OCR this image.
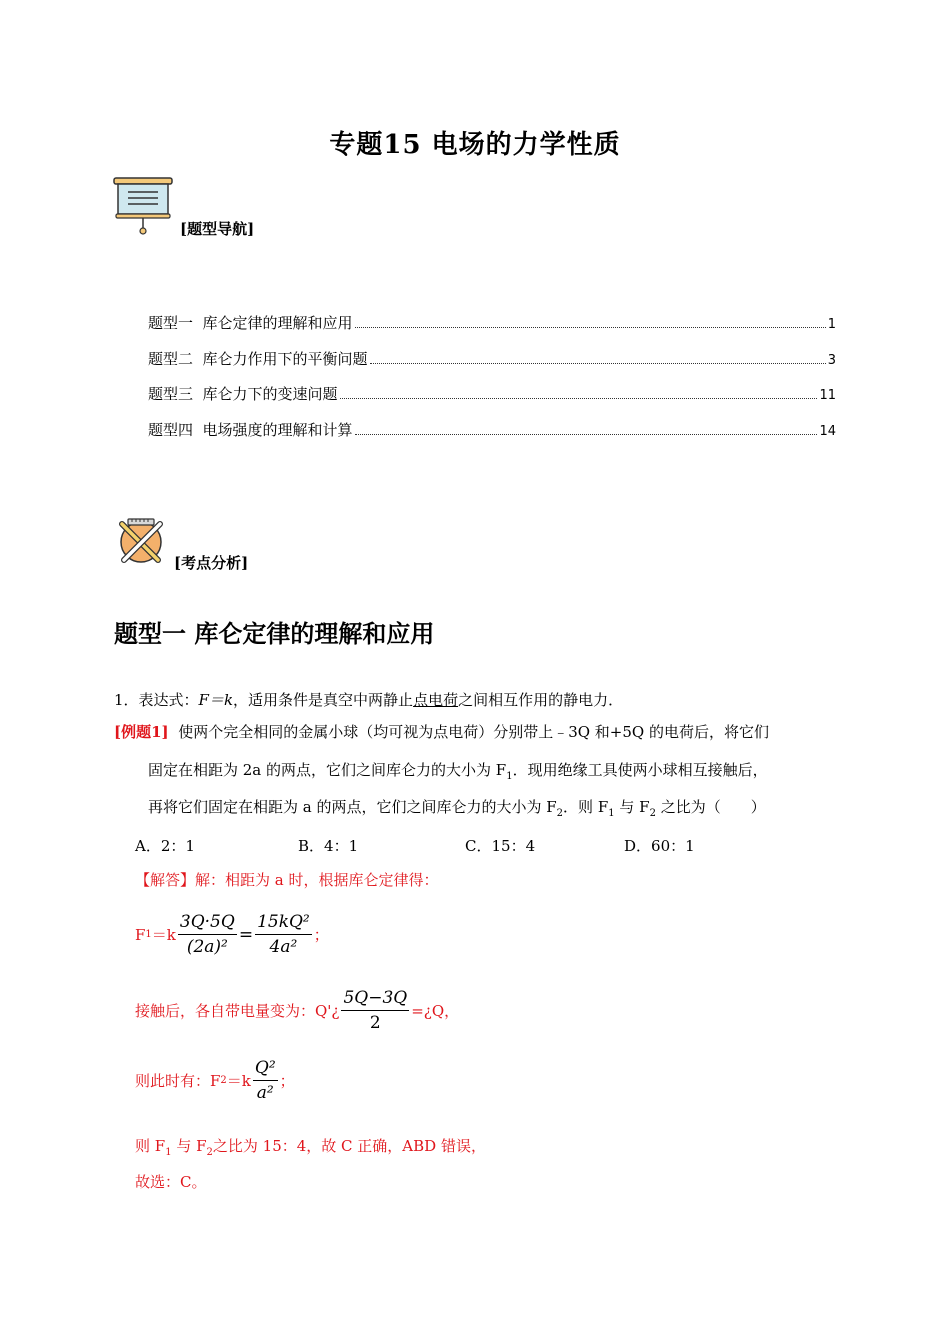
专题15 电场的力学性质
[题型导航]
题型一  库仑定律的理解和应用	1
题型二  库仑力作用下的平衡问题	3
题型三  库仑力下的变速问题	11
题型四  电场强度的理解和计算	14
[考点分析]
题型一 库仑定律的理解和应用
1．表达式：F＝k，适用条件是真空中两静止点电荷之间相互作用的静电力．
[例题1] 使两个完全相同的金属小球（均可视为点电荷）分别带上﹣3Q 和+5Q 的电荷后，将它们
固定在相距为 2a 的两点，它们之间库仑力的大小为 $F_1$．现用绝缘工具使两小球相互接触后，
再将它们固定在相距为 a 的两点，它们之间库仑力的大小为 $F_2$．则 $F_1$ 与 $F_2$ 之比为（　　）
A．2：1	B．4：1	C．15：4	D．60：1
【解答】解：相距为 a 时，根据库仑定律得：
F $1 =k \frac{3Q\cdot 5Q}{\text{(2a)²}} = \frac{\text{15kQ²}}{\text{4a²}}$ ；
接触后，各自带电量变为：Q'¿ $\frac{5Q-3Q}{2}$ =¿Q，
则此时有：F $2 =k \frac{\text{Q²}}{\text{a²}}$ ；
则 $F_1$ 与 $F_2$之比为 15：4，故 C 正确，ABD 错误，
故选：C。
